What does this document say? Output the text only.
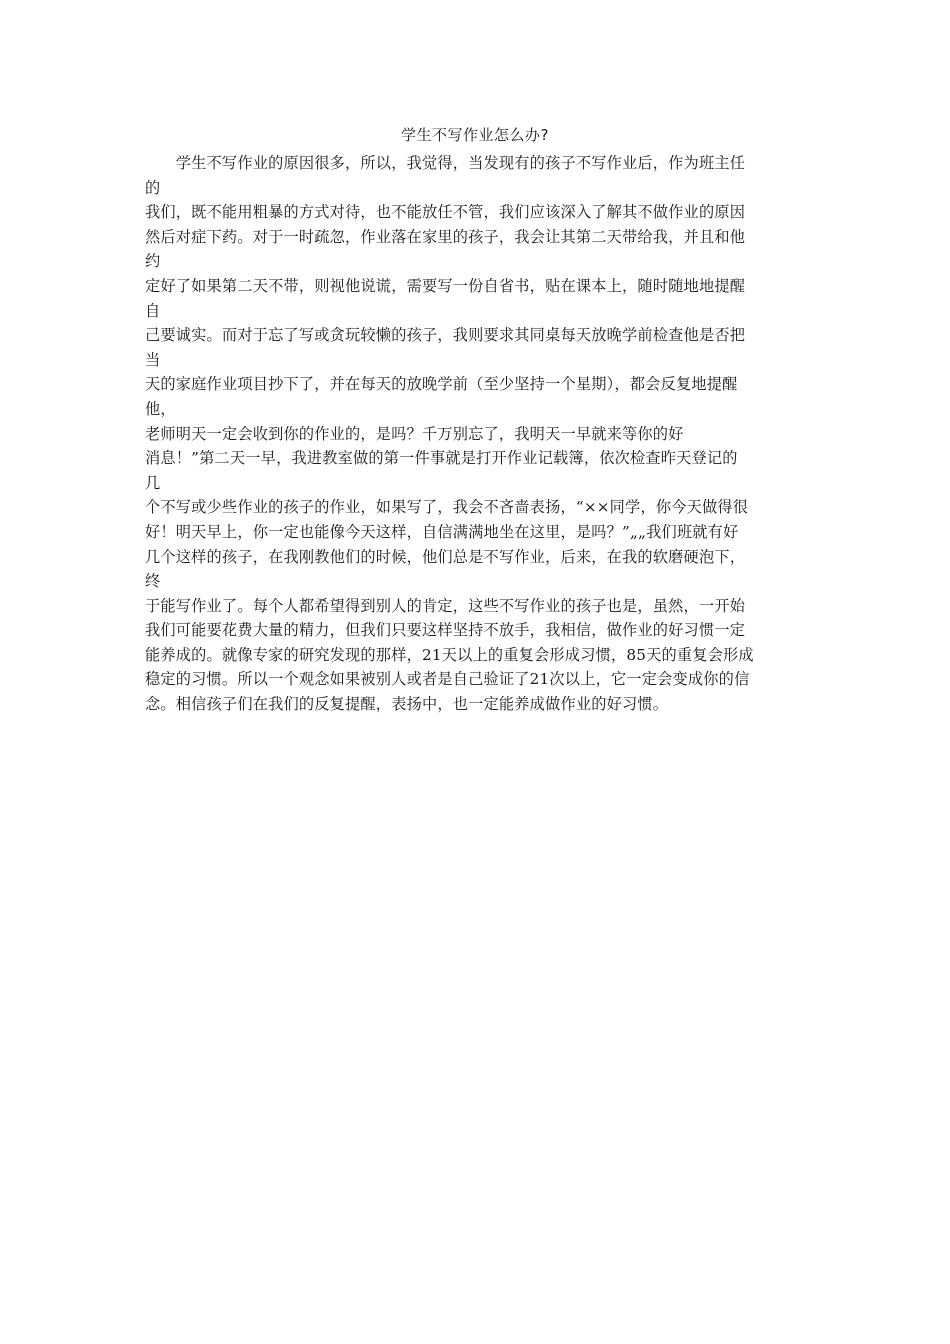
学生不写作业怎么办?
　　学生不写作业的原因很多，所以，我觉得，当发现有的孩子不写作业后，作为班主任
的
我们，既不能用粗暴的方式对待，也不能放任不管，我们应该深入了解其不做作业的原因
然后对症下药。对于一时疏忽，作业落在家里的孩子，我会让其第二天带给我，并且和他
约
定好了如果第二天不带，则视他说谎，需要写一份自省书，贴在课本上，随时随地地提醒
自
己要诚实。而对于忘了写或贪玩较懒的孩子，我则要求其同桌每天放晚学前检查他是否把
当
天的家庭作业项目抄下了，并在每天的放晚学前（至少坚持一个星期），都会反复地提醒
他，
老师明天一定会收到你的作业的，是吗？千万别忘了，我明天一早就来等你的好
消息！”第二天一早，我进教室做的第一件事就是打开作业记载簿，依次检查昨天登记的
几
个不写或少些作业的孩子的作业，如果写了，我会不吝啬表扬，“××同学，你今天做得很
好！明天早上，你一定也能像今天这样，自信满满地坐在这里，是吗？”„„我们班就有好
几个这样的孩子，在我刚教他们的时候，他们总是不写作业，后来，在我的软磨硬泡下，
终
于能写作业了。每个人都希望得到别人的肯定，这些不写作业的孩子也是，虽然，一开始
我们可能要花费大量的精力，但我们只要这样坚持不放手，我相信，做作业的好习惯一定
能养成的。就像专家的研究发现的那样，21天以上的重复会形成习惯，85天的重复会形成
稳定的习惯。所以一个观念如果被别人或者是自己验证了21次以上，它一定会变成你的信
念。相信孩子们在我们的反复提醒，表扬中，也一定能养成做作业的好习惯。
